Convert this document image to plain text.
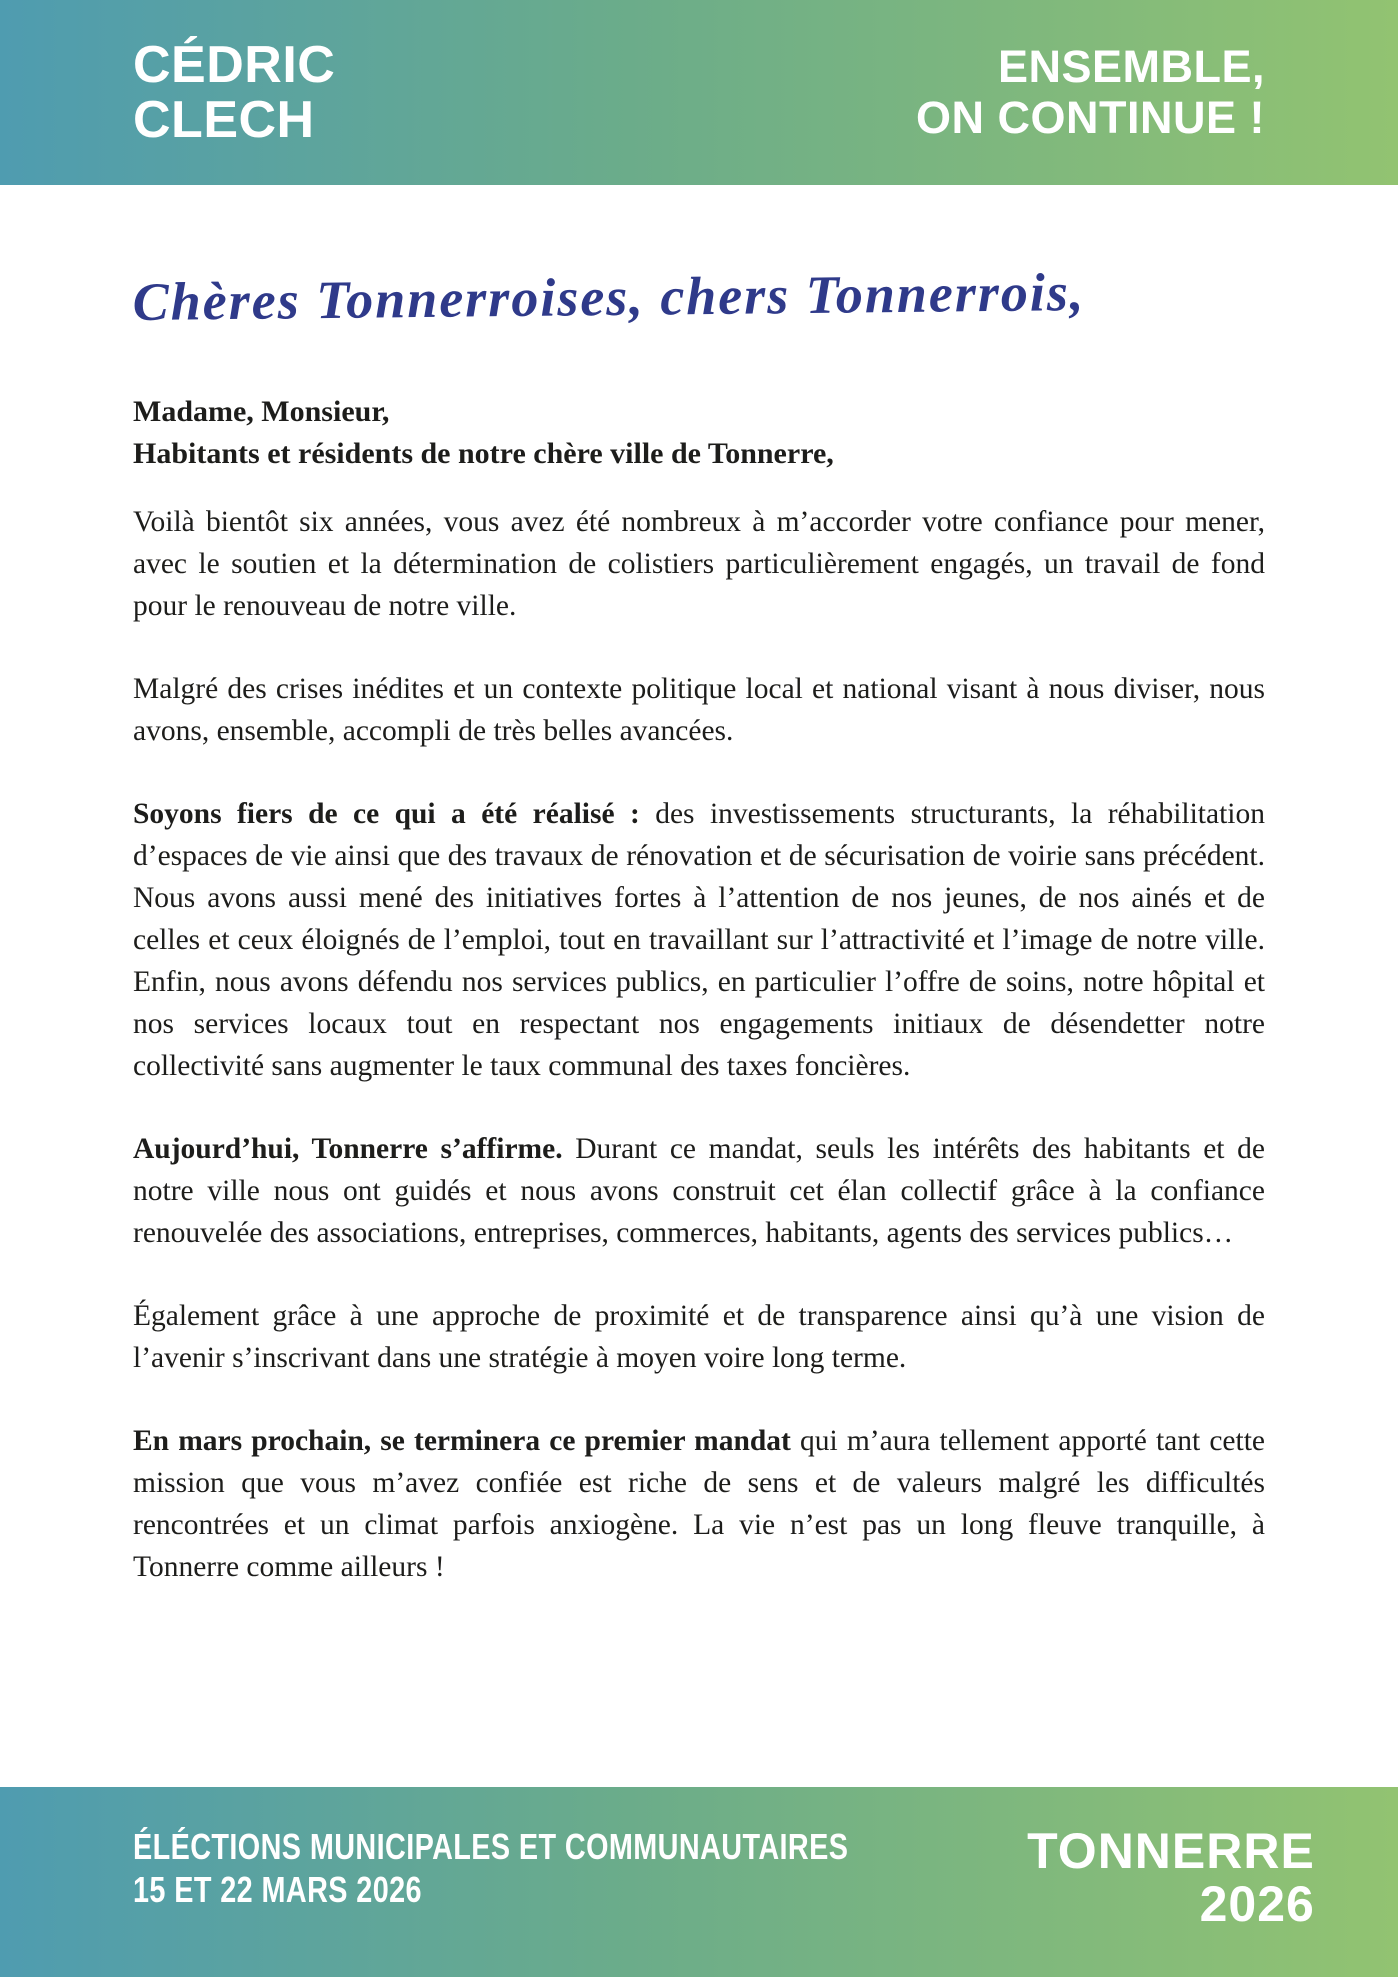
CÉDRIC
CLECH
ENSEMBLE,
ON CONTINUE !
Chères Tonnerroises, chers Tonnerrois,
Madame, Monsieur,
Habitants et résidents de notre chère ville de Tonnerre,

Voilà bientôt six années, vous avez été nombreux à m’accorder votre confiance pour mener, avec le soutien et la détermination de colistiers particulièrement engagés, un travail de fond pour le renouveau de notre ville.

Malgré des crises inédites et un contexte politique local et national visant à nous diviser, nous avons, ensemble, accompli de très belles avancées.

Soyons fiers de ce qui a été réalisé : des investissements structurants, la réhabilitation d’espaces de vie ainsi que des travaux de rénovation et de sécurisation de voirie sans précédent. Nous avons aussi mené des initiatives fortes à l’attention de nos jeunes, de nos ainés et de celles et ceux éloignés de l’emploi, tout en travaillant sur l’attractivité et l’image de notre ville. Enfin, nous avons défendu nos services publics, en particulier l’offre de soins, notre hôpital et nos services locaux tout en respectant nos engagements initiaux de désendetter notre collectivité sans augmenter le taux communal des taxes foncières.

Aujourd’hui, Tonnerre s’affirme. Durant ce mandat, seuls les intérêts des habitants et de notre ville nous ont guidés et nous avons construit cet élan collectif grâce à la confiance renouvelée des associations, entreprises, commerces, habitants, agents des services publics…

Également grâce à une approche de proximité et de transparence ainsi qu’à une vision de l’avenir s’inscrivant dans une stratégie à moyen voire long terme.

En mars prochain, se terminera ce premier mandat qui m’aura tellement apporté tant cette mission que vous m’avez confiée est riche de sens et de valeurs malgré les difficultés rencontrées et un climat parfois anxiogène. La vie n’est pas un long fleuve tranquille, à Tonnerre comme ailleurs !

ÉLÉCTIONS MUNICIPALES ET COMMUNAUTAIRES
15 ET 22 MARS 2026
TONNERRE
2026
